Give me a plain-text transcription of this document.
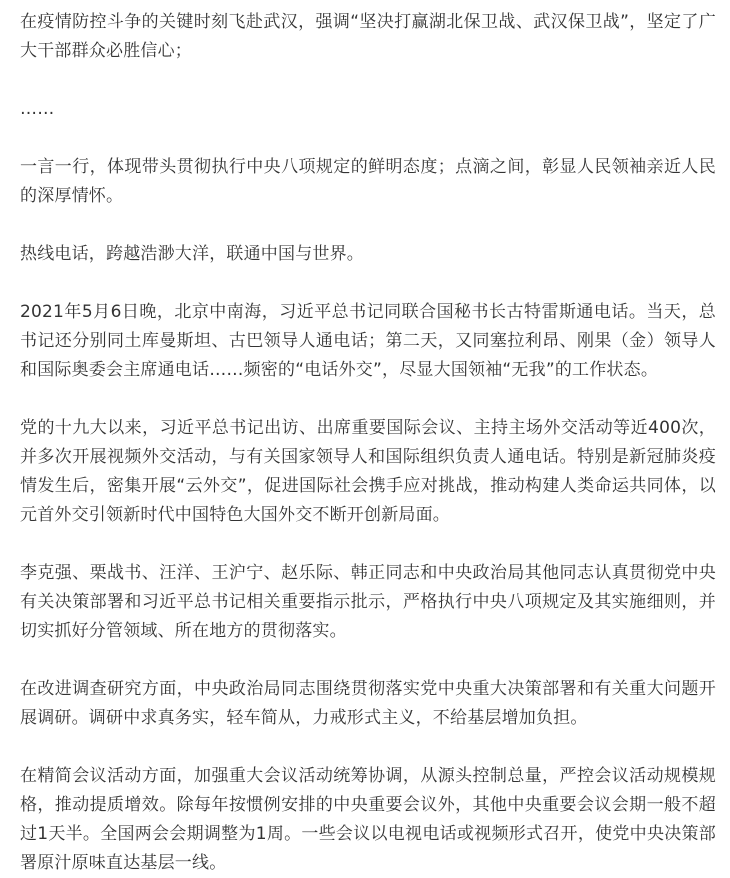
在疫情防控斗争的关键时刻飞赴武汉，强调“坚决打赢湖北保卫战、武汉保卫战”，坚定了广大干部群众必胜信心；

……

一言一行，体现带头贯彻执行中央八项规定的鲜明态度；点滴之间，彰显人民领袖亲近人民的深厚情怀。

热线电话，跨越浩渺大洋，联通中国与世界。

2021年5月6日晚，北京中南海，习近平总书记同联合国秘书长古特雷斯通电话。当天，总书记还分别同土库曼斯坦、古巴领导人通电话；第二天，又同塞拉利昂、刚果（金）领导人和国际奥委会主席通电话……频密的“电话外交”，尽显大国领袖“无我”的工作状态。

党的十九大以来，习近平总书记出访、出席重要国际会议、主持主场外交活动等近400次，并多次开展视频外交活动，与有关国家领导人和国际组织负责人通电话。特别是新冠肺炎疫情发生后，密集开展“云外交”，促进国际社会携手应对挑战，推动构建人类命运共同体，以元首外交引领新时代中国特色大国外交不断开创新局面。

李克强、栗战书、汪洋、王沪宁、赵乐际、韩正同志和中央政治局其他同志认真贯彻党中央有关决策部署和习近平总书记相关重要指示批示，严格执行中央八项规定及其实施细则，并切实抓好分管领域、所在地方的贯彻落实。

在改进调查研究方面，中央政治局同志围绕贯彻落实党中央重大决策部署和有关重大问题开展调研。调研中求真务实，轻车简从，力戒形式主义，不给基层增加负担。

在精简会议活动方面，加强重大会议活动统筹协调，从源头控制总量，严控会议活动规模规格，推动提质增效。除每年按惯例安排的中央重要会议外，其他中央重要会议会期一般不超过1天半。全国两会会期调整为1周。一些会议以电视电话或视频形式召开，使党中央决策部署原汁原味直达基层一线。
